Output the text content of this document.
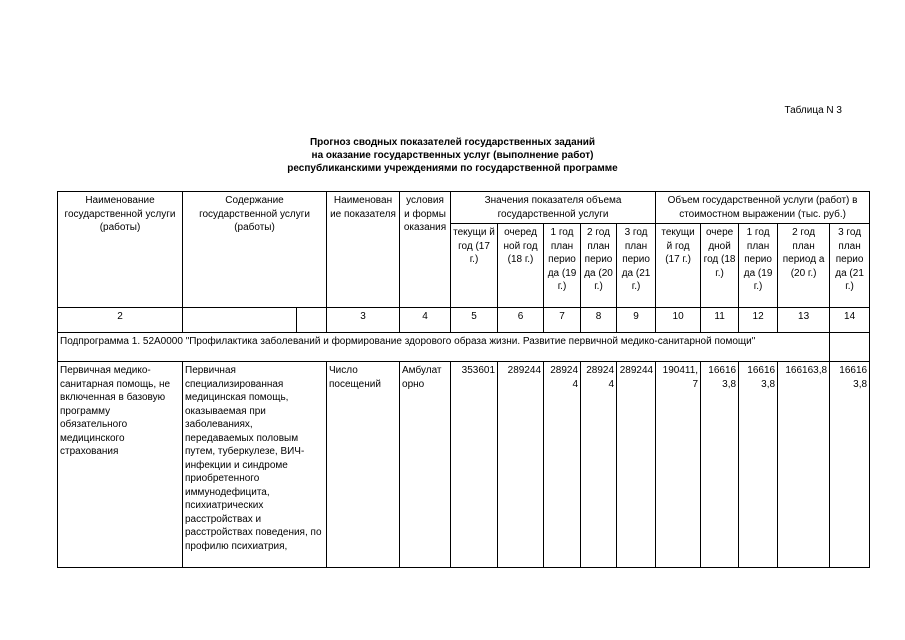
Таблица N 3
Прогноз сводных показателей государственных заданий
на оказание государственных услуг (выполнение работ)
республиканскими учреждениями по государственной программе
Наименование государственной услуги (работы)	Содержание государственной услуги (работы)		Наименован ие показателя	условия и формы оказания	Значения показателя объема государственной услуги					Объем государственной услуги (работ) в стоимостном выражении (тыс. руб.)				
					текущи й год (17 г.)	очеред ной год (18 г.)	1 год план перио да (19 г.)	2 год план перио да (20 г.)	3 год план перио да (21 г.)	текущи й год (17 г.)	очере дной год (18 г.)	1 год план перио да (19 г.)	2 год план период а (20 г.)	3 год план перио да (21 г.)
2			3	4	5	6	7	8	9	10	11	12	13	14
Подпрограмма 1. 52А0000 "Профилактика заболеваний и формирование здорового образа жизни. Развитие первичной медико-санитарной помощи"														
Первичная медико-санитарная помощь, не включенная в базовую программу обязательного медицинского страхования	Первичная специализированная медицинская помощь, оказываемая при заболеваниях, передаваемых половым путем, туберкулезе, ВИЧ-инфекции и синдроме приобретенного иммунодефицита, психиатрических расстройствах и расстройствах поведения, по профилю психиатрия,		Число посещений	Амбулат орно	353601	289244	289244	289244	289244	190411,7	166163,8	166163,8	166163,8	166163,8
